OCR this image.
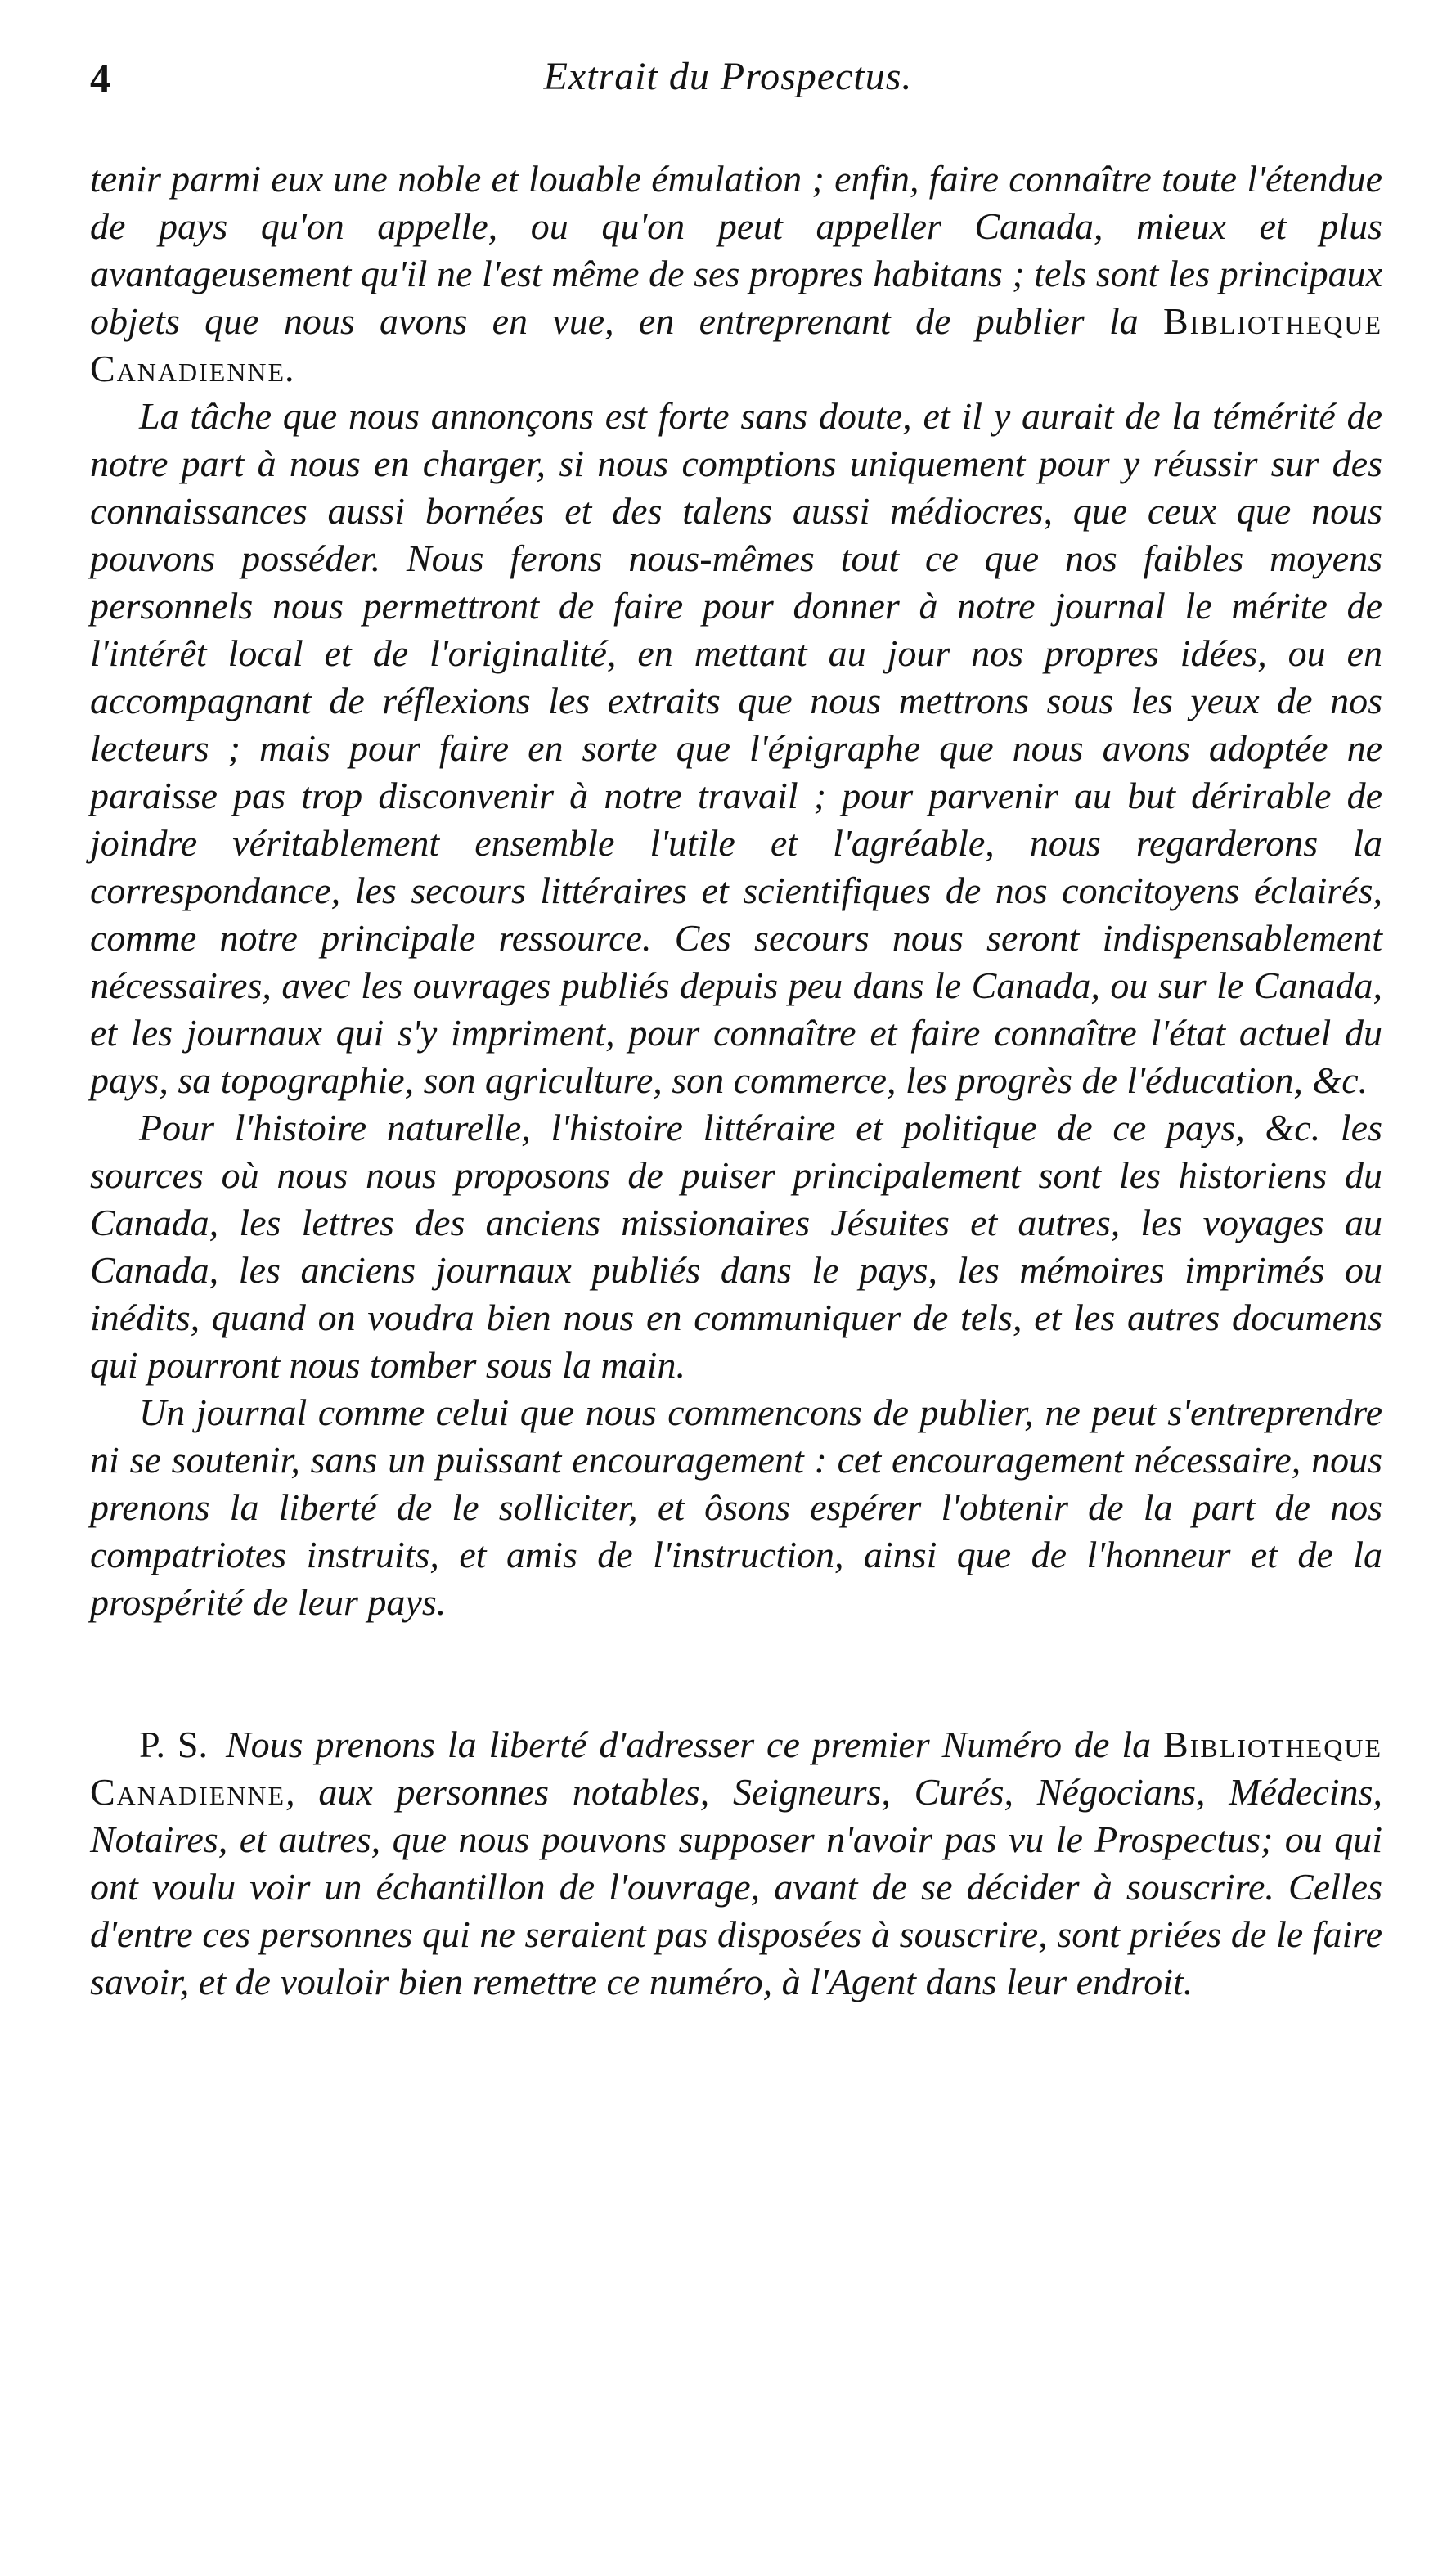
4	Extrait du Prospectus.

tenir parmi eux une noble et louable émulation ; enfin, faire connaître toute l'étendue de pays qu'on appelle, ou qu'on peut appeller Canada, mieux et plus avantageusement qu'il ne l'est même de ses propres habitans ; tels sont les principaux objets que nous avons en vue, en entreprenant de publier la Bibliotheque Canadienne.

La tâche que nous annonçons est forte sans doute, et il y aurait de la témérité de notre part à nous en charger, si nous comptions uniquement pour y réussir sur des connaissances aussi bornées et des talens aussi médiocres, que ceux que nous pouvons posséder. Nous ferons nous-mêmes tout ce que nos faibles moyens personnels nous permettront de faire pour donner à notre journal le mérite de l'intérêt local et de l'originalité, en mettant au jour nos propres idées, ou en accompagnant de réflexions les extraits que nous mettrons sous les yeux de nos lecteurs ; mais pour faire en sorte que l'épigraphe que nous avons adoptée ne paraisse pas trop disconvenir à notre travail ; pour parvenir au but dérirable de joindre véritablement ensemble l'utile et l'agréable, nous regarderons la correspondance, les secours littéraires et scientifiques de nos concitoyens éclairés, comme notre principale ressource. Ces secours nous seront indispensablement nécessaires, avec les ouvrages publiés depuis peu dans le Canada, ou sur le Canada, et les journaux qui s'y impriment, pour connaître et faire connaître l'état actuel du pays, sa topographie, son agriculture, son commerce, les progrès de l'éducation, &c.

Pour l'histoire naturelle, l'histoire littéraire et politique de ce pays, &c. les sources où nous nous proposons de puiser principalement sont les historiens du Canada, les lettres des anciens missionaires Jésuites et autres, les voyages au Canada, les anciens journaux publiés dans le pays, les mémoires imprimés ou inédits, quand on voudra bien nous en communiquer de tels, et les autres documens qui pourront nous tomber sous la main.

Un journal comme celui que nous commencons de publier, ne peut s'entreprendre ni se soutenir, sans un puissant encouragement : cet encouragement nécessaire, nous prenons la liberté de le solliciter, et ôsons espérer l'obtenir de la part de nos compatriotes instruits, et amis de l'instruction, ainsi que de l'honneur et de la prospérité de leur pays.

P. S. Nous prenons la liberté d'adresser ce premier Numéro de la Bibliotheque Canadienne, aux personnes notables, Seigneurs, Curés, Négocians, Médecins, Notaires, et autres, que nous pouvons supposer n'avoir pas vu le Prospectus; ou qui ont voulu voir un échantillon de l'ouvrage, avant de se décider à souscrire. Celles d'entre ces personnes qui ne seraient pas disposées à souscrire, sont priées de le faire savoir, et de vouloir bien remettre ce numéro, à l'Agent dans leur endroit.
